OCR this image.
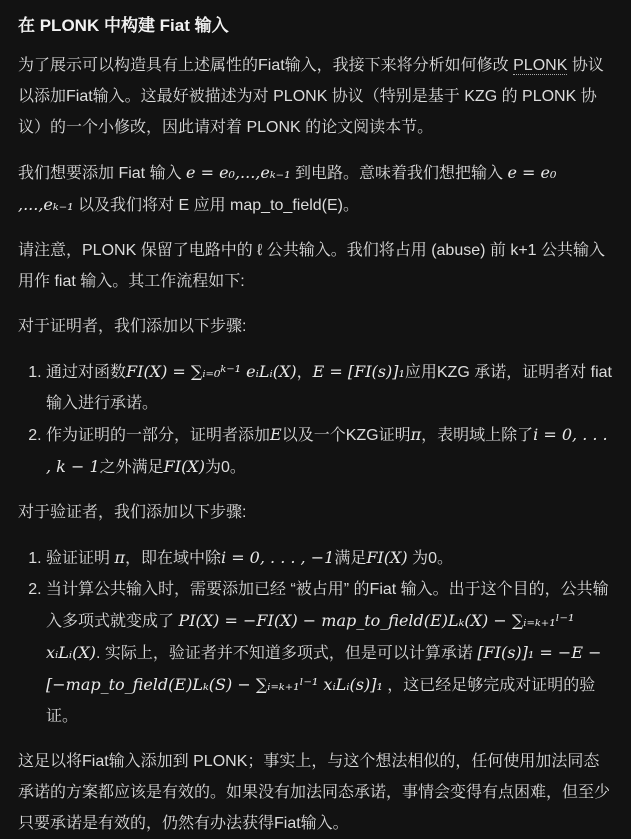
在 PLONK 中构建 Fiat 输入

为了展示可以构造具有上述属性的Fiat输入，我接下来将分析如何修改 PLONK 协议以添加Fiat输入。这最好被描述为对 PLONK 协议（特别是基于 KZG 的 PLONK 协议）的一个小修改，因此请对着 PLONK 的论文阅读本节。

我们想要添加 Fiat 输入 e = e₀,...,eₖ₋₁ 到电路。意味着我们想把输入 e = e₀ ,...,eₖ₋₁ 以及我们将对 E 应用 map_to_field(E)。

请注意，PLONK 保留了电路中的 ℓ 公共输入。我们将占用 (abuse) 前 k+1 公共输入用作 fiat 输入。其工作流程如下:

对于证明者，我们添加以下步骤:

1. 通过对函数FI(X) = ∑ᵢ₌₀ᵏ⁻¹ eᵢLᵢ(X)，E = [FI(s)]₁应用KZG 承诺，证明者对 fiat 输入进行承诺。
2. 作为证明的一部分，证明者添加E以及一个KZG证明π，表明域上除了i = 0, . . . , k − 1之外满足FI(X)为0。

对于验证者，我们添加以下步骤:

1. 验证证明 π，即在域中除i = 0, . . . , −1满足FI(X) 为0。
2. 当计算公共输入时，需要添加已经 “被占用” 的Fiat 输入。出于这个目的，公共输入多项式就变成了 PI(X) = −FI(X) − map_to_field(E)Lₖ(X) − ∑ᵢ₌ₖ₊₁ˡ⁻¹ xᵢLᵢ(X). 实际上，验证者并不知道多项式，但是可以计算承诺 [FI(s)]₁ = −E − [−map_to_field(E)Lₖ(S) − ∑ᵢ₌ₖ₊₁ˡ⁻¹ xᵢLᵢ(s)]₁ ，这已经足够完成对证明的验证。

这足以将Fiat输入添加到 PLONK；事实上，与这个想法相似的，任何使用加法同态承诺的方案都应该是有效的。如果没有加法同态承诺，事情会变得有点困难，但至少只要承诺是有效的，仍然有办法获得Fiat输入。
